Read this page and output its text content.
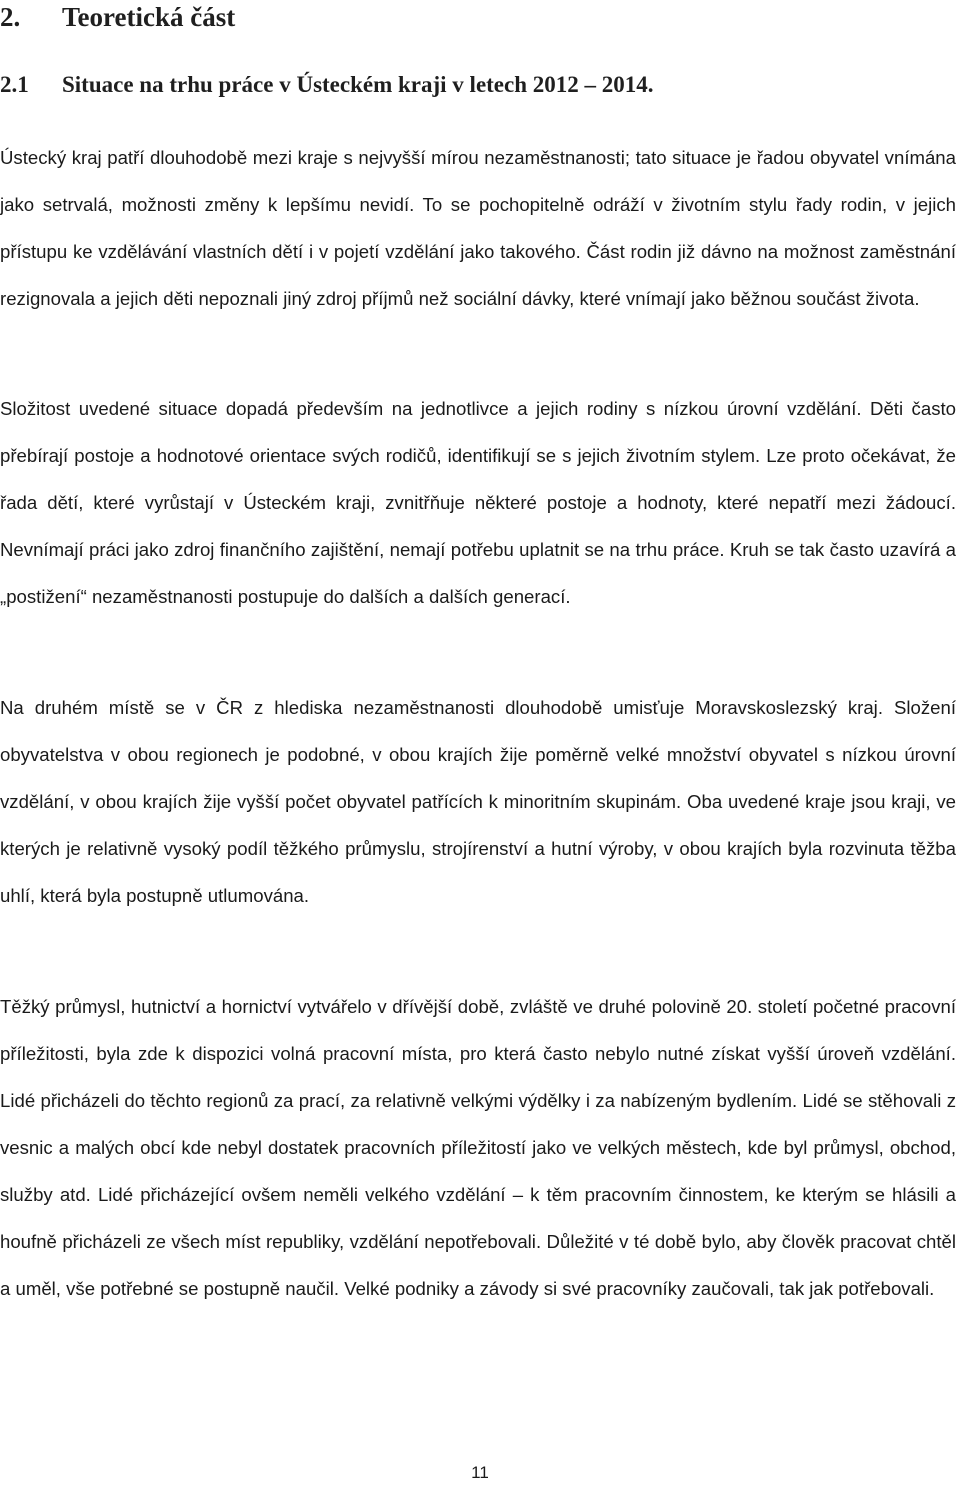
2. Teoretická část
2.1 Situace na trhu práce v Ústeckém kraji v letech 2012 – 2014.

Ústecký kraj patří dlouhodobě mezi kraje s nejvyšší mírou nezaměstnanosti; tato situace je řadou obyvatel vnímána jako setrvalá, možnosti změny k lepšímu nevidí. To se pochopitelně odráží v životním stylu řady rodin, v jejich přístupu ke vzdělávání vlastních dětí i v pojetí vzdělání jako takového. Část rodin již dávno na možnost zaměstnání rezignovala a jejich děti nepoznali jiný zdroj příjmů než sociální dávky, které vnímají jako běžnou součást života.

Složitost uvedené situace dopadá především na jednotlivce a jejich rodiny s nízkou úrovní vzdělání. Děti často přebírají postoje a hodnotové orientace svých rodičů, identifikují se s jejich životním stylem. Lze proto očekávat, že řada dětí, které vyrůstají v Ústeckém kraji, zvnitřňuje některé postoje a hodnoty, které nepatří mezi žádoucí. Nevnímají práci jako zdroj finančního zajištění, nemají potřebu uplatnit se na trhu práce. Kruh se tak často uzavírá a „postižení“ nezaměstnanosti postupuje do dalších a dalších generací.

Na druhém místě se v ČR z hlediska nezaměstnanosti dlouhodobě umisťuje Moravskoslezský kraj. Složení obyvatelstva v obou regionech je podobné, v obou krajích žije poměrně velké množství obyvatel s nízkou úrovní vzdělání, v obou krajích žije vyšší počet obyvatel patřících k minoritním skupinám. Oba uvedené kraje jsou kraji, ve kterých je relativně vysoký podíl těžkého průmyslu, strojírenství a hutní výroby, v obou krajích byla rozvinuta těžba uhlí, která byla postupně utlumována.

Těžký průmysl, hutnictví a hornictví vytvářelo v dřívější době, zvláště ve druhé polovině 20. století početné pracovní příležitosti, byla zde k dispozici volná pracovní místa, pro která často nebylo nutné získat vyšší úroveň vzdělání. Lidé přicházeli do těchto regionů za prací, za relativně velkými výdělky i za nabízeným bydlením. Lidé se stěhovali z vesnic a malých obcí kde nebyl dostatek pracovních příležitostí jako ve velkých městech, kde byl průmysl, obchod, služby atd. Lidé přicházející ovšem neměli velkého vzdělání – k těm pracovním činnostem, ke kterým se hlásili a houfně přicházeli ze všech míst republiky, vzdělání nepotřebovali. Důležité v té době bylo, aby člověk pracovat chtěl a uměl, vše potřebné se postupně naučil. Velké podniky a závody si své pracovníky zaučovali, tak jak potřebovali.

11
